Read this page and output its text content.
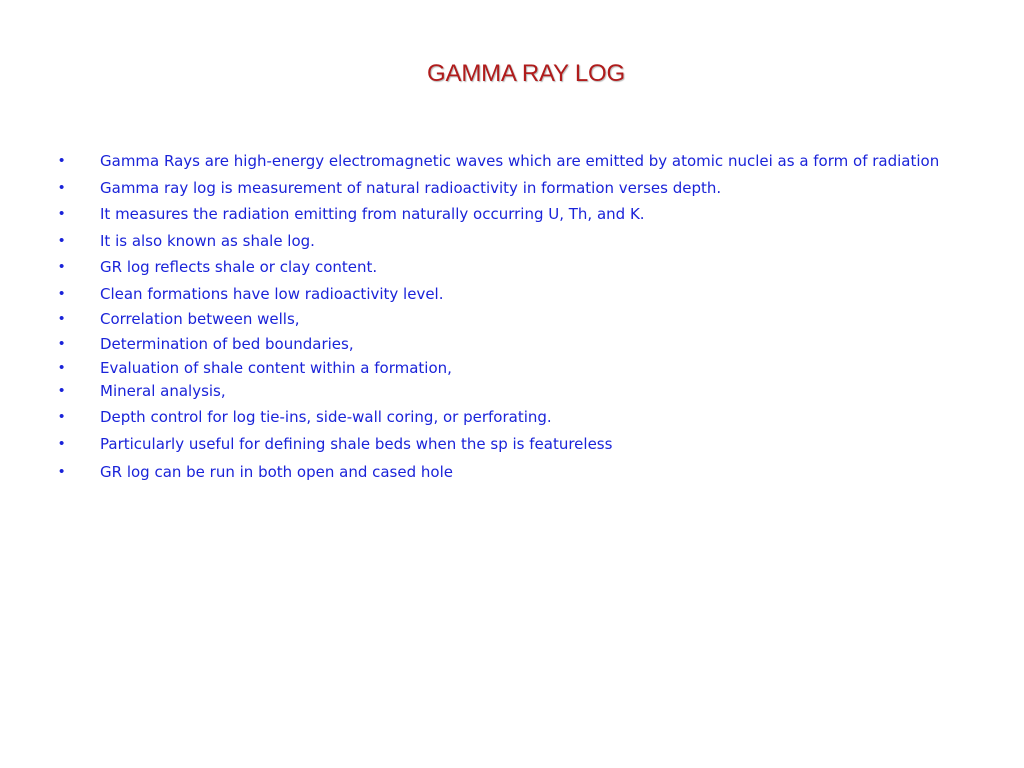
GAMMA RAY LOG
•	Gamma Rays are high-energy electromagnetic waves which are emitted by atomic nuclei as a form of radiation
•	Gamma ray log is measurement of natural radioactivity in formation verses depth.
•	It measures the radiation emitting from naturally occurring U, Th, and K.
•	It is also known as shale log.
•	GR log reflects shale or clay content.
•	Clean formations have low radioactivity level.
•	Correlation between wells,
•	Determination of bed boundaries,
•	Evaluation of shale content within a formation,
•	Mineral analysis,
•	Depth control for log tie-ins, side-wall coring, or perforating.
•	Particularly useful for defining shale beds when the sp is featureless
•	GR log can be run in both open and cased hole
